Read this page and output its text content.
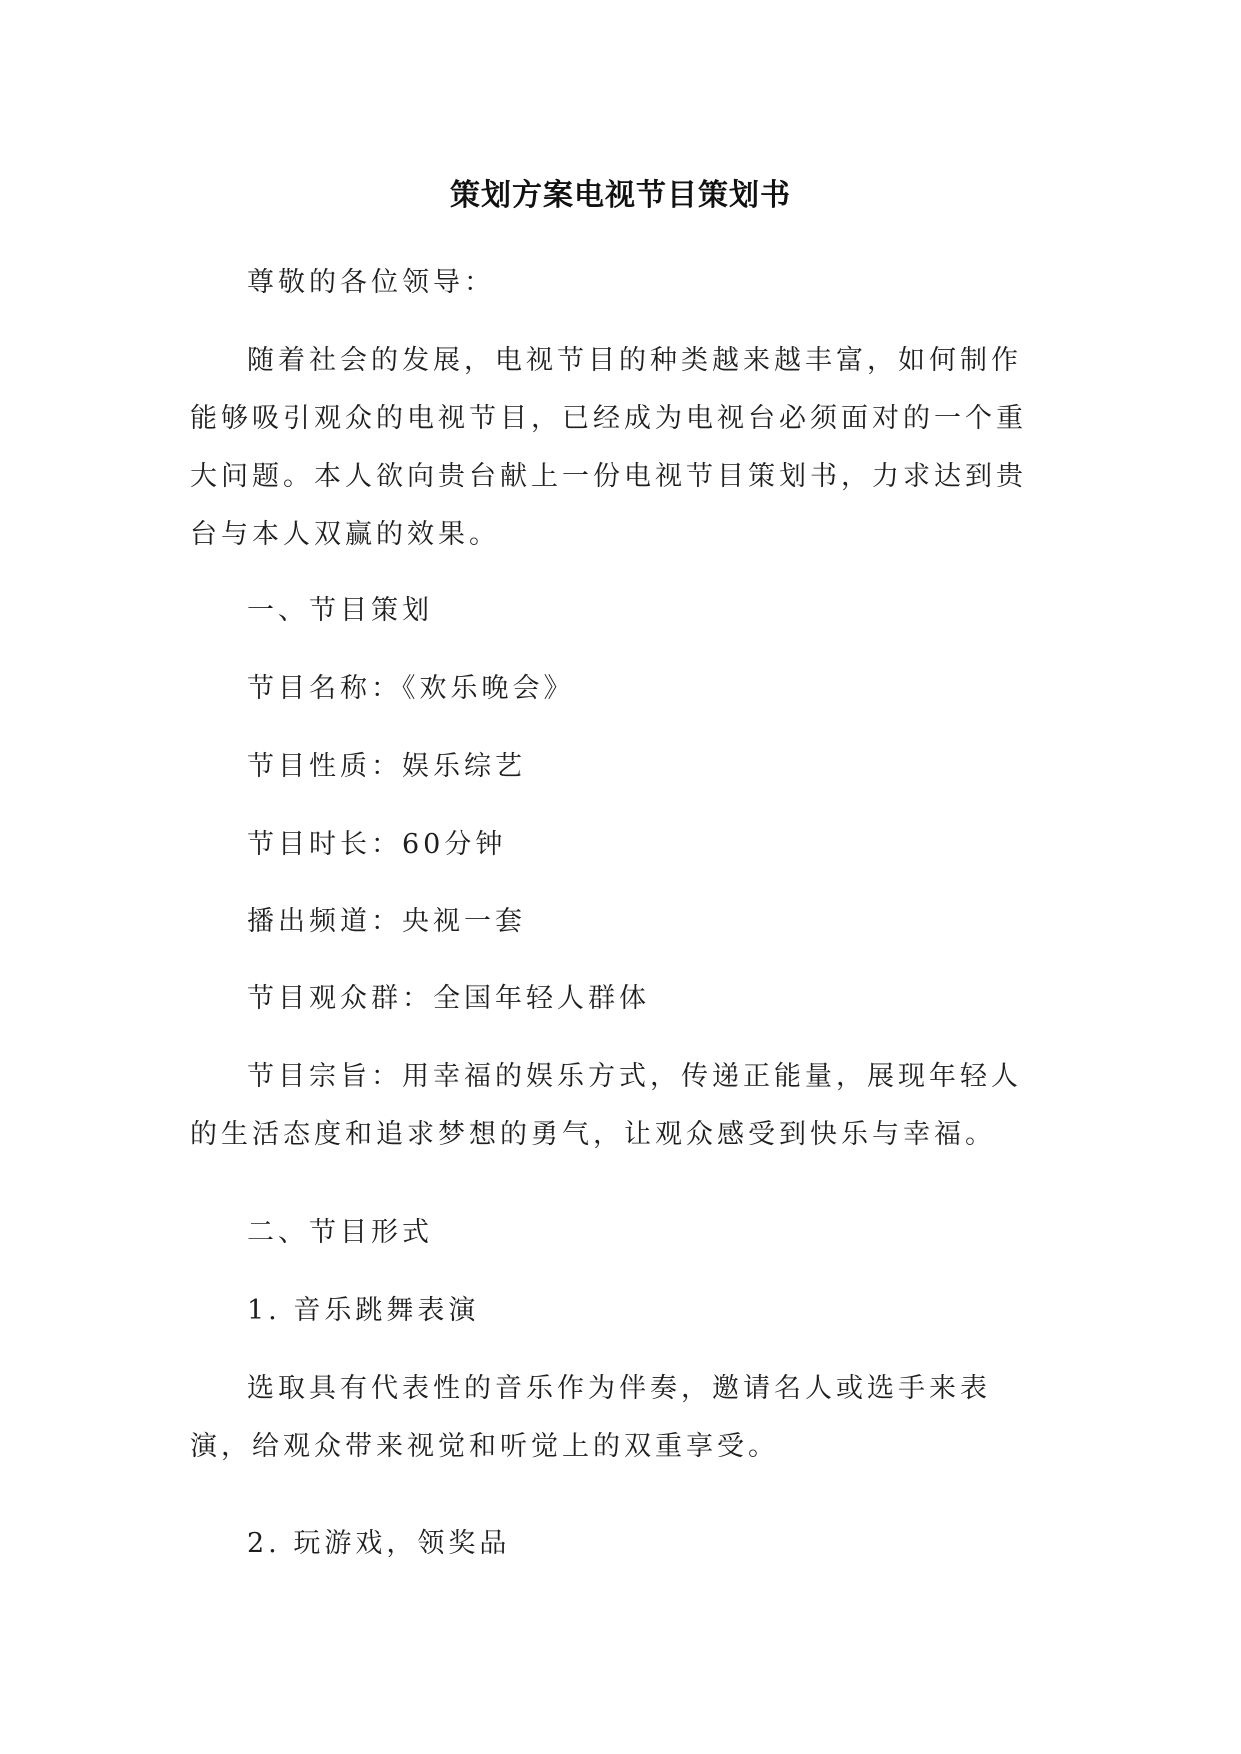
策划方案电视节目策划书

尊敬的各位领导：

随着社会的发展，电视节目的种类越来越丰富，如何制作能够吸引观众的电视节目，已经成为电视台必须面对的一个重大问题。本人欲向贵台献上一份电视节目策划书，力求达到贵台与本人双赢的效果。

一、节目策划

节目名称：《欢乐晚会》

节目性质：娱乐综艺

节目时长：60分钟

播出频道：央视一套

节目观众群：全国年轻人群体

节目宗旨：用幸福的娱乐方式，传递正能量，展现年轻人的生活态度和追求梦想的勇气，让观众感受到快乐与幸福。

二、节目形式

1. 音乐跳舞表演

选取具有代表性的音乐作为伴奏，邀请名人或选手来表演，给观众带来视觉和听觉上的双重享受。

2. 玩游戏，领奖品
